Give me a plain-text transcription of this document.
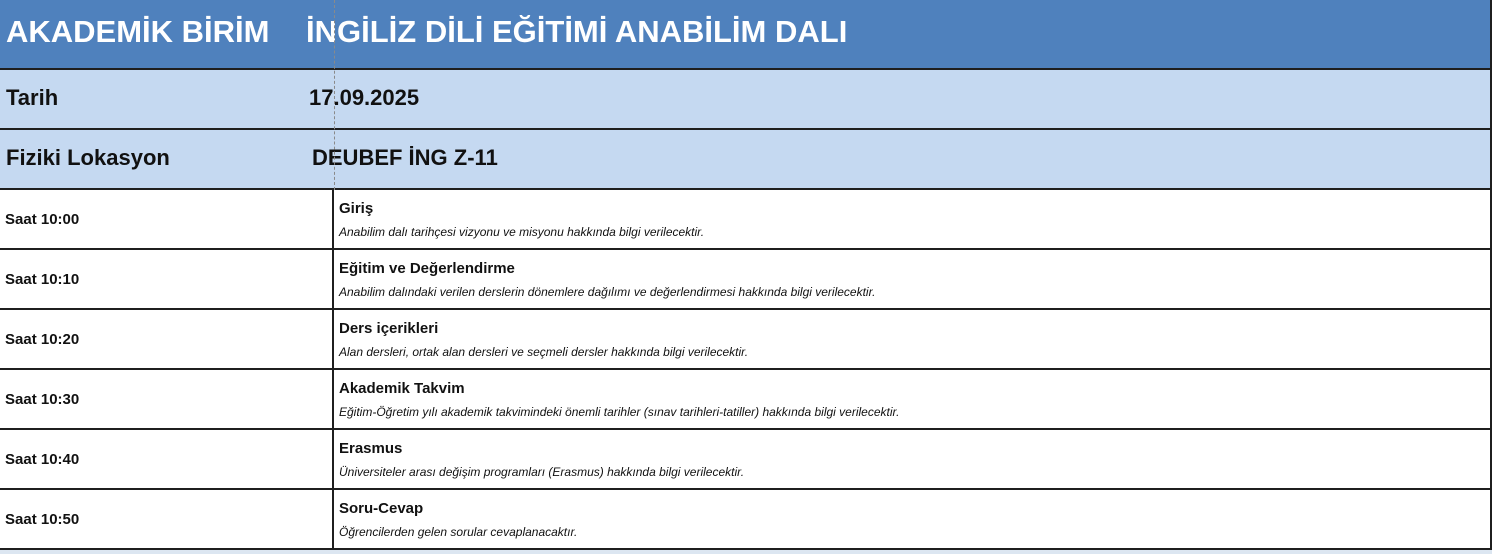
AKADEMİK BİRİM İNGİLİZ DİLİ EĞİTİMİ ANABİLİM DALI
Tarih	17.09.2025
Fiziki Lokasyon	DEUBEF İNG Z-11
Saat 10:00
Giriş
Anabilim dalı tarihçesi vizyonu ve misyonu hakkında bilgi verilecektir.
Saat 10:10
Eğitim ve Değerlendirme
Anabilim dalındaki verilen derslerin dönemlere dağılımı ve değerlendirmesi hakkında bilgi verilecektir.
Saat 10:20
Ders içerikleri
Alan dersleri, ortak alan dersleri ve seçmeli dersler hakkında bilgi verilecektir.
Saat 10:30
Akademik Takvim
Eğitim-Öğretim yılı akademik takvimindeki önemli tarihler (sınav tarihleri-tatiller) hakkında bilgi verilecektir.
Saat 10:40
Erasmus
Üniversiteler arası değişim programları (Erasmus) hakkında bilgi verilecektir.
Saat 10:50
Soru-Cevap
Öğrencilerden gelen sorular cevaplanacaktır.
